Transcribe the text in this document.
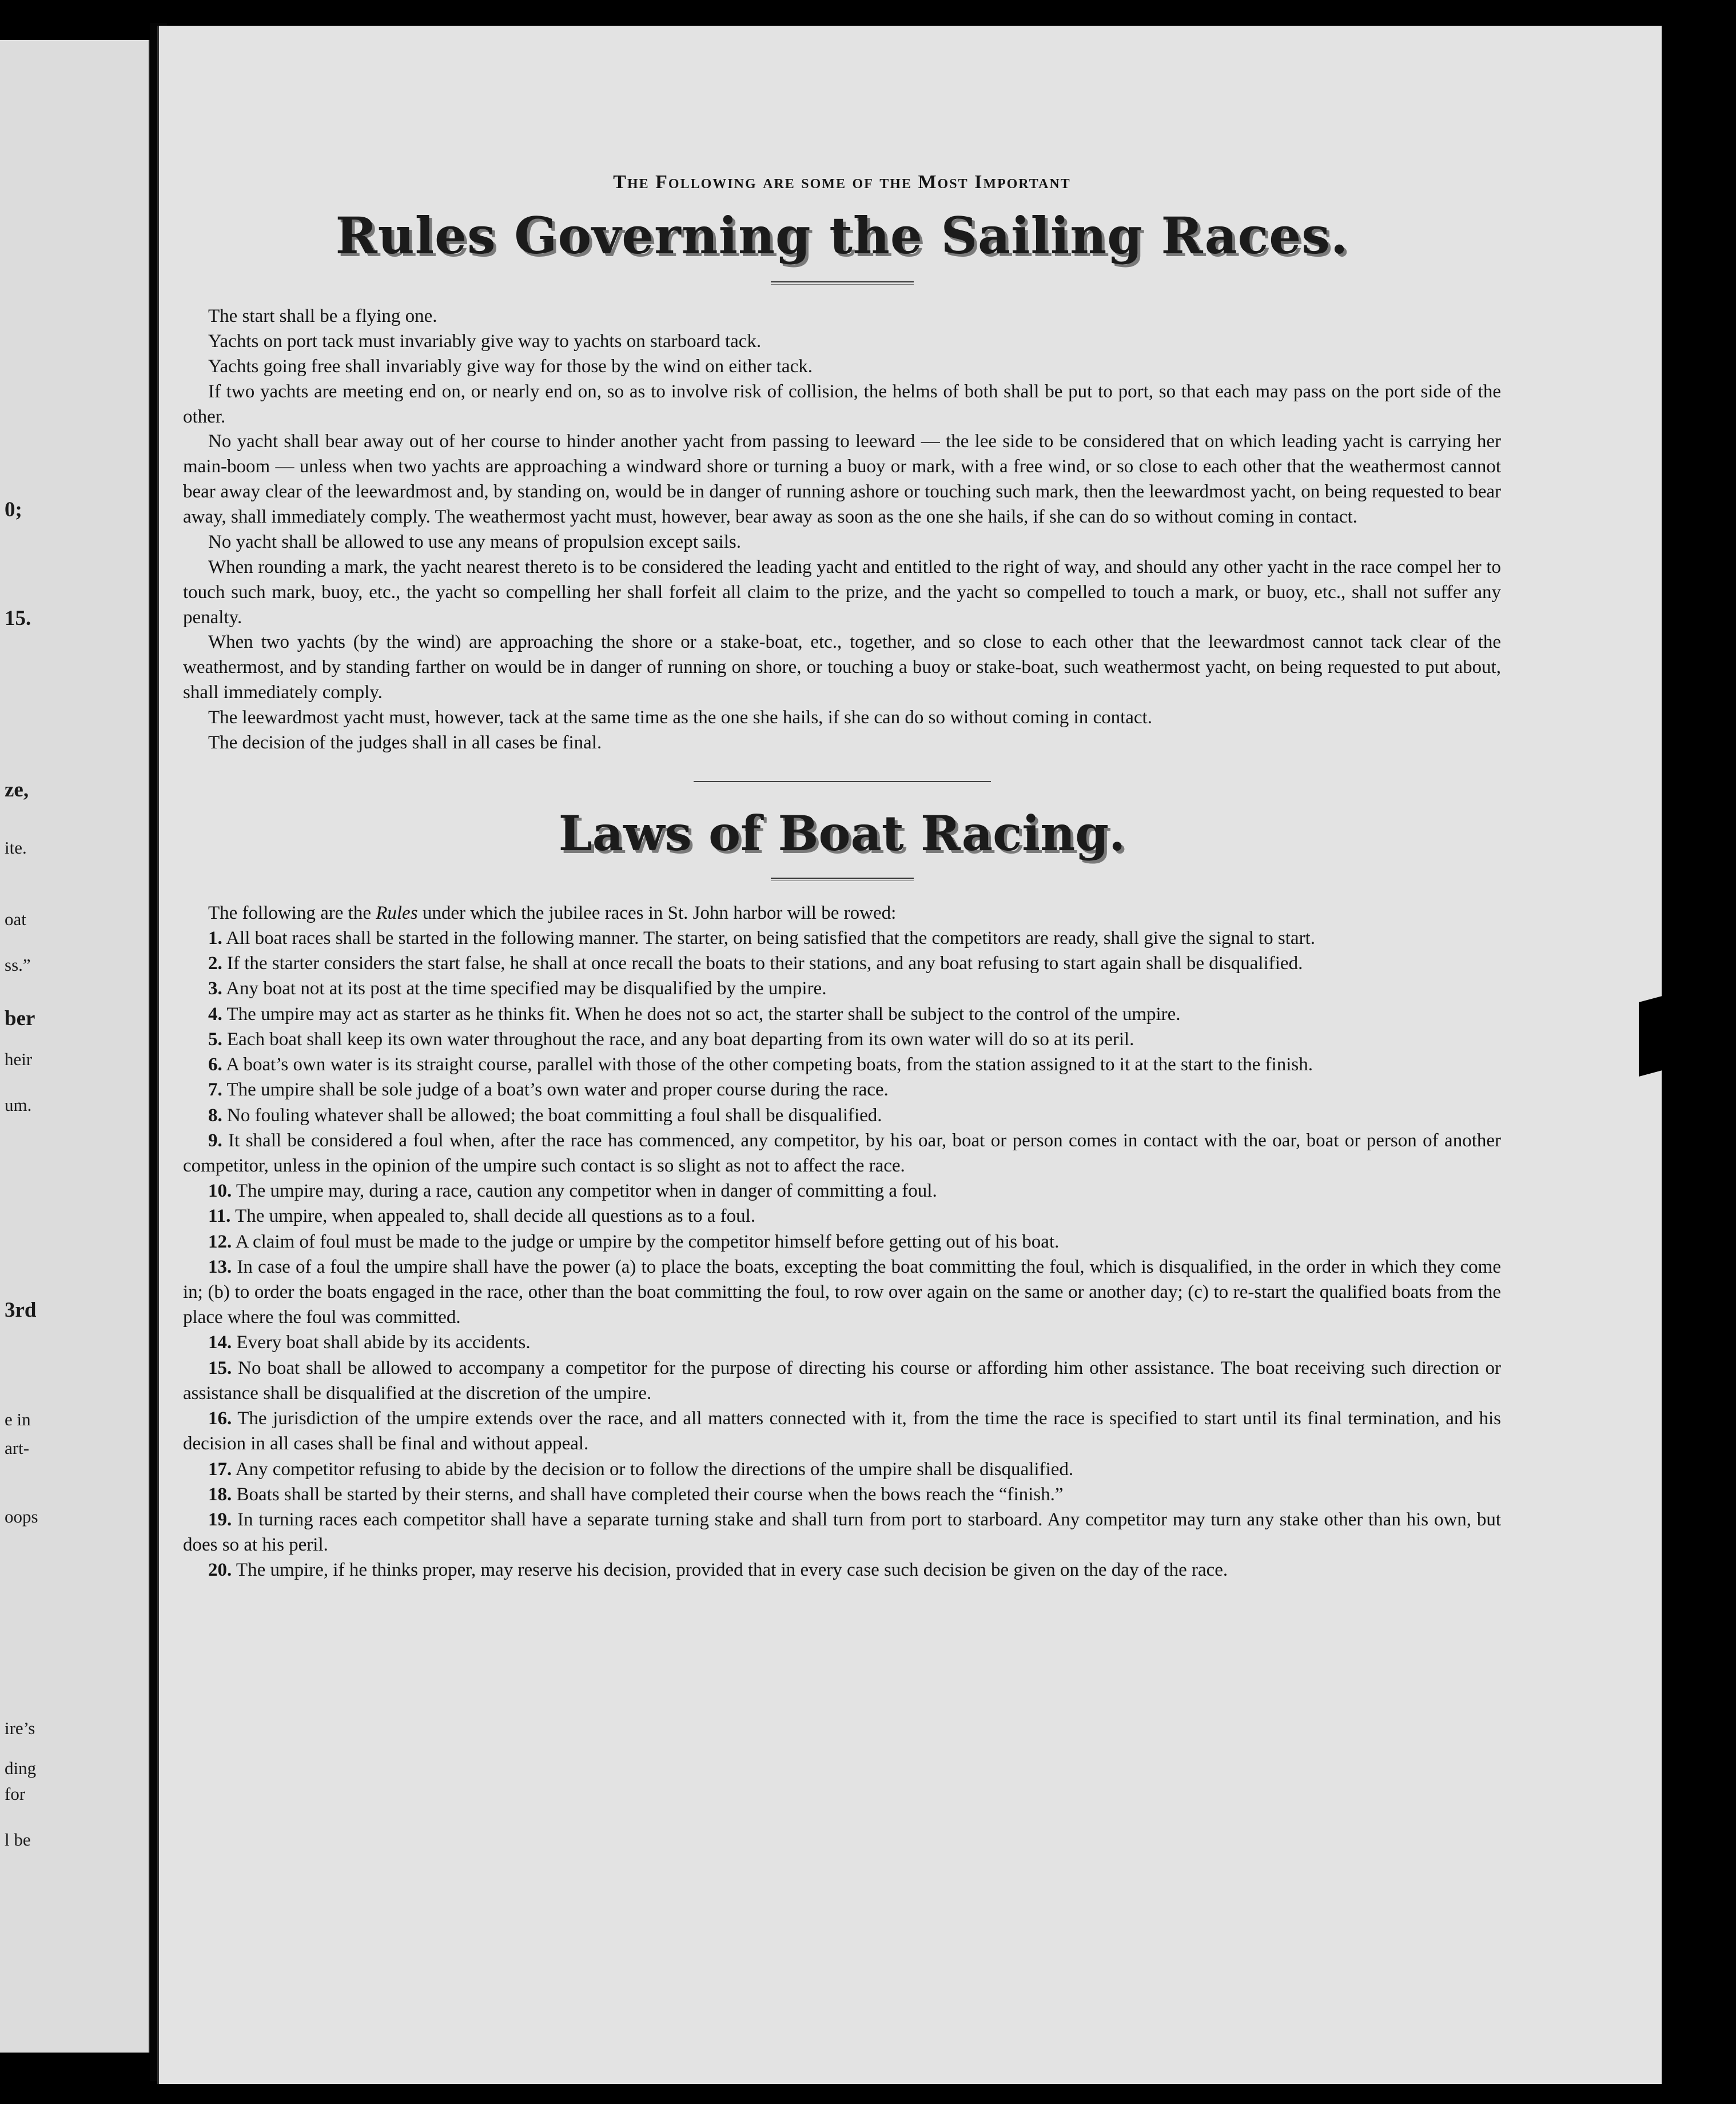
0;
15.
ze,
ite.
oat
ss.”
ber
heir
um.
3rd
e in
art-
oops
ire’s
ding
for
l be

The Following are some of the Most Important

Rules Governing the Sailing Races.

The start shall be a flying one.

Yachts on port tack must invariably give way to yachts on starboard tack.

Yachts going free shall invariably give way for those by the wind on either tack.

If two yachts are meeting end on, or nearly end on, so as to involve risk of collision, the helms of both shall be put to port, so that each may pass on the port side of the other.

No yacht shall bear away out of her course to hinder another yacht from passing to leeward — the lee side to be considered that on which leading yacht is carrying her main-boom — unless when two yachts are approaching a windward shore or turning a buoy or mark, with a free wind, or so close to each other that the weathermost cannot bear away clear of the leewardmost and, by standing on, would be in danger of running ashore or touching such mark, then the leewardmost yacht, on being requested to bear away, shall immediately comply. The weathermost yacht must, however, bear away as soon as the one she hails, if she can do so without coming in contact.

No yacht shall be allowed to use any means of propulsion except sails.

When rounding a mark, the yacht nearest thereto is to be considered the leading yacht and entitled to the right of way, and should any other yacht in the race compel her to touch such mark, buoy, etc., the yacht so compelling her shall forfeit all claim to the prize, and the yacht so compelled to touch a mark, or buoy, etc., shall not suffer any penalty.

When two yachts (by the wind) are approaching the shore or a stake-boat, etc., together, and so close to each other that the leewardmost cannot tack clear of the weathermost, and by standing farther on would be in danger of running on shore, or touching a buoy or stake-boat, such weathermost yacht, on being requested to put about, shall immediately comply.

The leewardmost yacht must, however, tack at the same time as the one she hails, if she can do so without coming in contact.

The decision of the judges shall in all cases be final.

Laws of Boat Racing.

The following are the Rules under which the jubilee races in St. John harbor will be rowed:

1. All boat races shall be started in the following manner. The starter, on being satisfied that the competitors are ready, shall give the signal to start.

2. If the starter considers the start false, he shall at once recall the boats to their stations, and any boat refusing to start again shall be disqualified.

3. Any boat not at its post at the time specified may be disqualified by the umpire.

4. The umpire may act as starter as he thinks fit. When he does not so act, the starter shall be subject to the control of the umpire.

5. Each boat shall keep its own water throughout the race, and any boat departing from its own water will do so at its peril.

6. A boat’s own water is its straight course, parallel with those of the other competing boats, from the station assigned to it at the start to the finish.

7. The umpire shall be sole judge of a boat’s own water and proper course during the race.

8. No fouling whatever shall be allowed; the boat committing a foul shall be disqualified.

9. It shall be considered a foul when, after the race has commenced, any competitor, by his oar, boat or person comes in contact with the oar, boat or person of another competitor, unless in the opinion of the umpire such contact is so slight as not to affect the race.

10. The umpire may, during a race, caution any competitor when in danger of committing a foul.

11. The umpire, when appealed to, shall decide all questions as to a foul.

12. A claim of foul must be made to the judge or umpire by the competitor himself before getting out of his boat.

13. In case of a foul the umpire shall have the power (a) to place the boats, excepting the boat committing the foul, which is disqualified, in the order in which they come in; (b) to order the boats engaged in the race, other than the boat committing the foul, to row over again on the same or another day; (c) to re-start the qualified boats from the place where the foul was committed.

14. Every boat shall abide by its accidents.

15. No boat shall be allowed to accompany a competitor for the purpose of directing his course or affording him other assistance. The boat receiving such direction or assistance shall be disqualified at the discretion of the umpire.

16. The jurisdiction of the umpire extends over the race, and all matters connected with it, from the time the race is specified to start until its final termination, and his decision in all cases shall be final and without appeal.

17. Any competitor refusing to abide by the decision or to follow the directions of the umpire shall be disqualified.

18. Boats shall be started by their sterns, and shall have completed their course when the bows reach the “finish.”

19. In turning races each competitor shall have a separate turning stake and shall turn from port to starboard. Any competitor may turn any stake other than his own, but does so at his peril.

20. The umpire, if he thinks proper, may reserve his decision, provided that in every case such decision be given on the day of the race.
